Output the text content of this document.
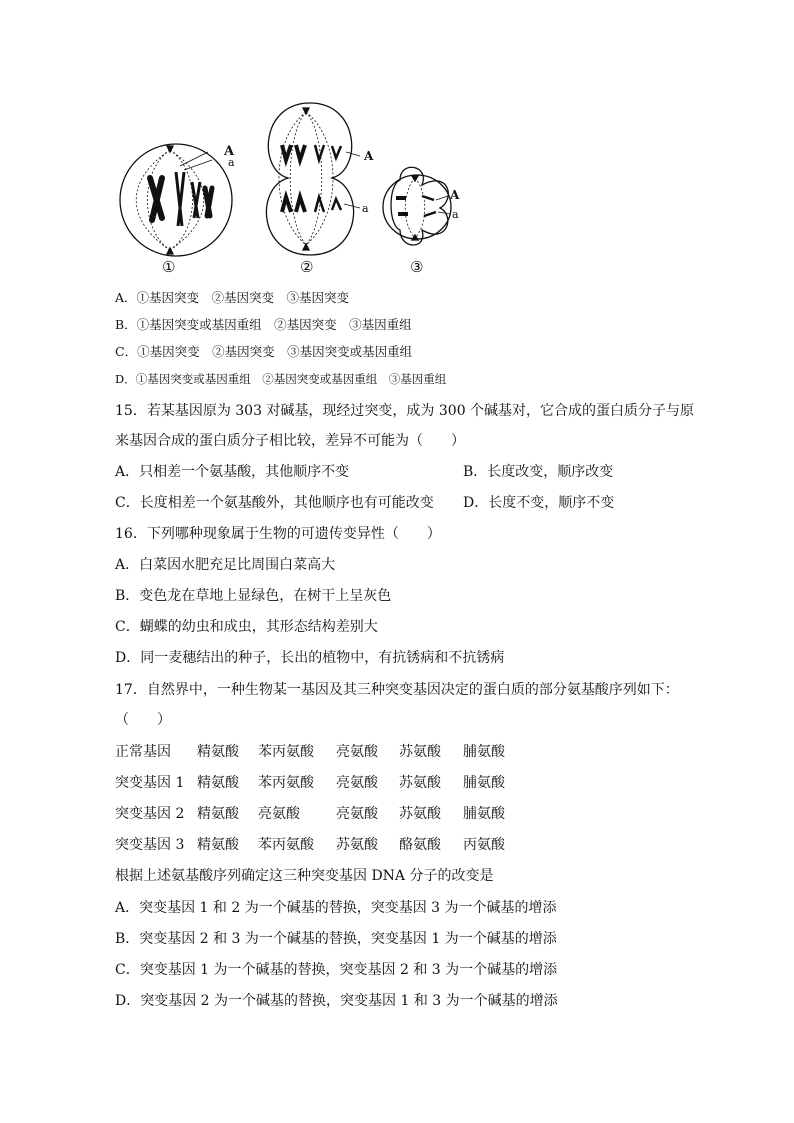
A
a	A
a
A
a
①	②	③
A．①基因突变　②基因突变　③基因突变
B．①基因突变或基因重组　②基因突变　③基因重组
C．①基因突变　②基因突变　③基因突变或基因重组
D．①基因突变或基因重组　②基因突变或基因重组　③基因重组
15．若某基因原为 303 对碱基，现经过突变，成为 300 个碱基对，它合成的蛋白质分子与原
来基因合成的蛋白质分子相比较，差异不可能为（　　）
A．只相差一个氨基酸，其他顺序不变	B．长度改变，顺序改变
C．长度相差一个氨基酸外，其他顺序也有可能改变 D．长度不变，顺序不变
16．下列哪种现象属于生物的可遗传变异性（　　）
A．白菜因水肥充足比周围白菜高大
B．变色龙在草地上显绿色，在树干上呈灰色
C．蝴蝶的幼虫和成虫，其形态结构差别大
D．同一麦穗结出的种子，长出的植物中，有抗锈病和不抗锈病
17．自然界中，一种生物某一基因及其三种突变基因决定的蛋白质的部分氨基酸序列如下：
（　　）
正常基因 精氨酸 苯丙氨酸 亮氨酸 苏氨酸 脯氨酸
突变基因 1 精氨酸 苯丙氨酸 亮氨酸 苏氨酸 脯氨酸
突变基因 2 精氨酸 亮氨酸	亮氨酸 苏氨酸 脯氨酸
突变基因 3 精氨酸 苯丙氨酸 苏氨酸 酪氨酸 丙氨酸
根据上述氨基酸序列确定这三种突变基因 DNA 分子的改变是
A．突变基因 1 和 2 为一个碱基的替换，突变基因 3 为一个碱基的增添
B．突变基因 2 和 3 为一个碱基的替换，突变基因 1 为一个碱基的增添
C．突变基因 1 为一个碱基的替换，突变基因 2 和 3 为一个碱基的增添
D．突变基因 2 为一个碱基的替换，突变基因 1 和 3 为一个碱基的增添
